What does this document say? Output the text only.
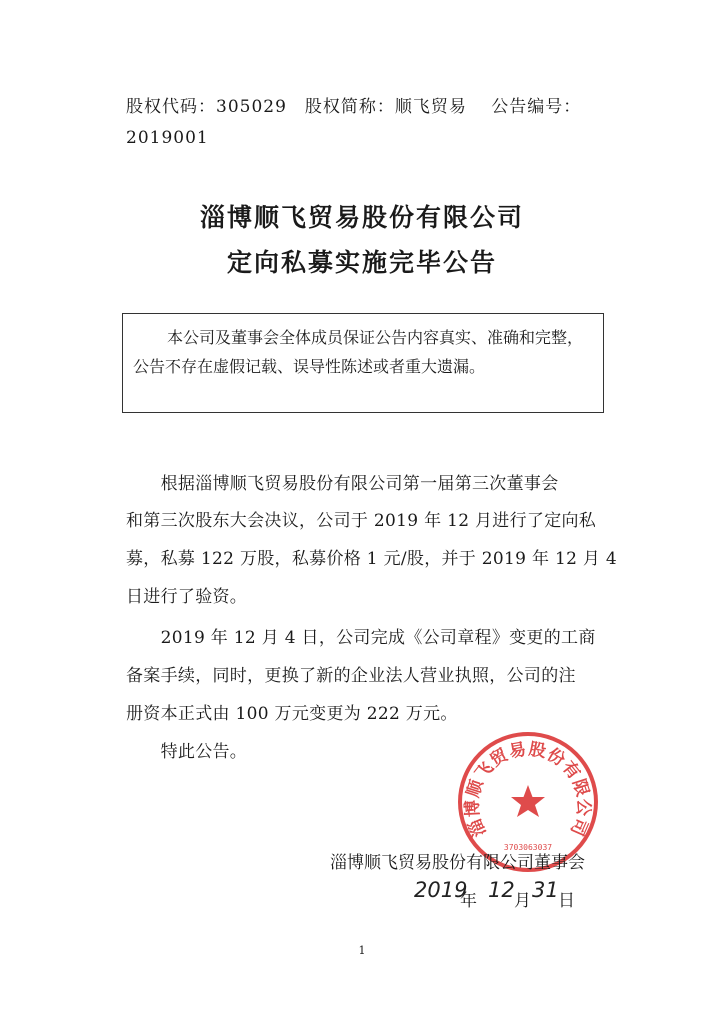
股权代码：305029　股权简称：顺飞贸易　 公告编号：
2019001
淄博顺飞贸易股份有限公司
定向私募实施完毕公告
本公司及董事会全体成员保证公告内容真实、准确和完整，
公告不存在虚假记载、误导性陈述或者重大遗漏。
　　根据淄博顺飞贸易股份有限公司第一届第三次董事会
和第三次股东大会决议，公司于 2019 年 12 月进行了定向私
募，私募 122 万股，私募价格 1 元/股，并于 2019 年 12 月 4
日进行了验资。
　　2019 年 12 月 4 日，公司完成《公司章程》变更的工商
备案手续，同时，更换了新的企业法人营业执照，公司的注
册资本正式由 100 万元变更为 222 万元。
　　特此公告。
淄博顺飞贸易股份有限公司
3703063037
淄博顺飞贸易股份有限公司董事会
2019
年 12 月 31 日
1
